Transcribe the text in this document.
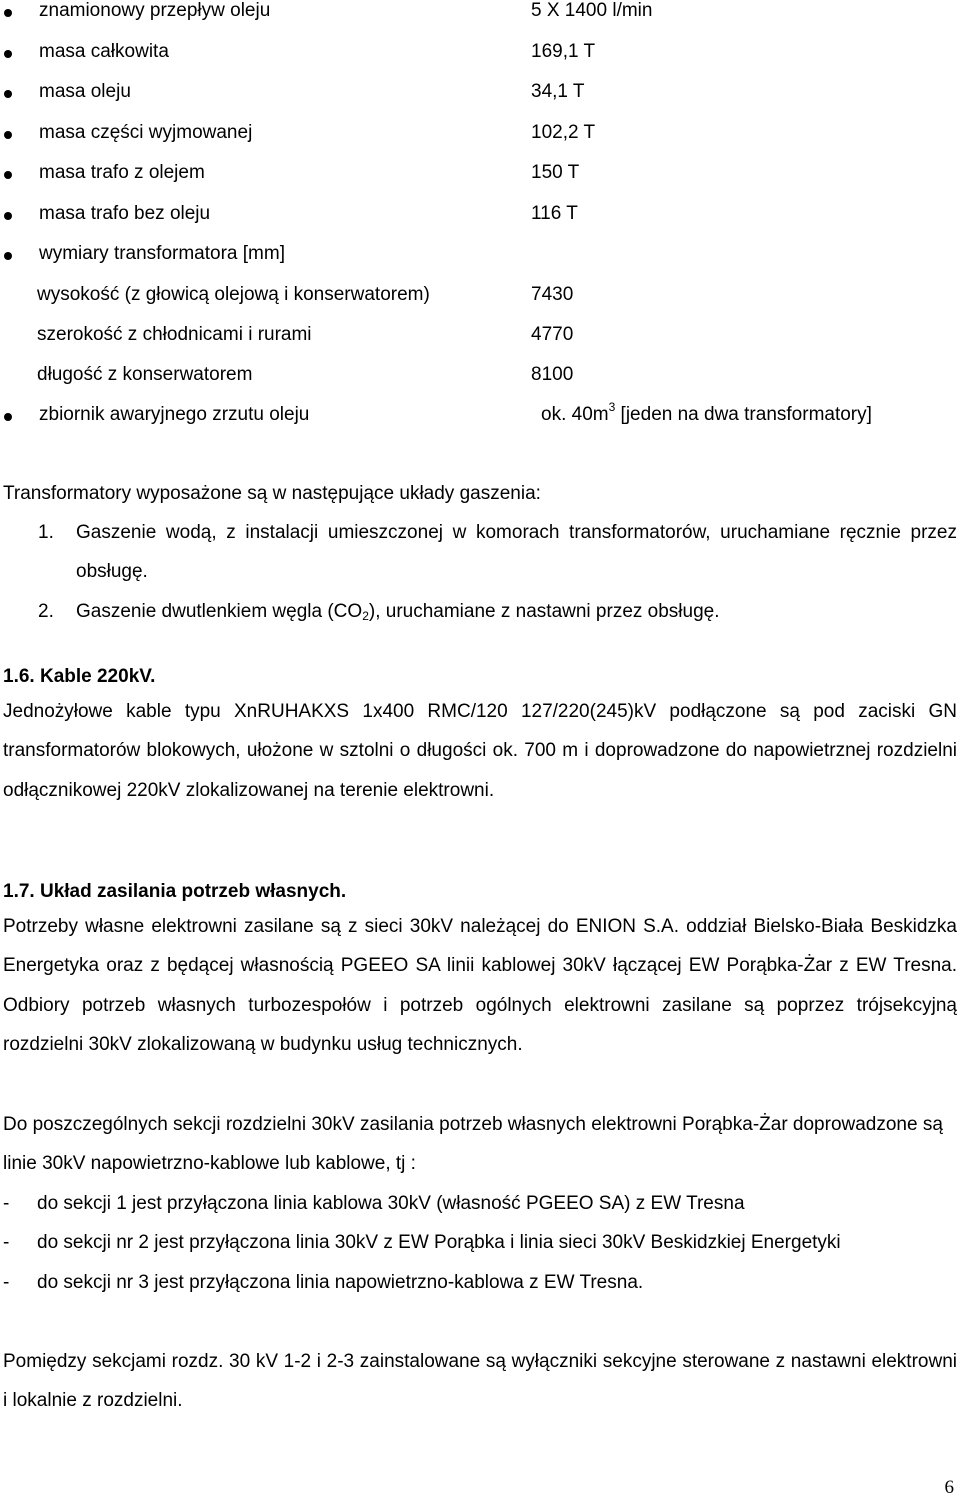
znamionowy przepływ oleju	5 X 1400 l/min
masa całkowita	169,1 T
masa oleju	34,1 T
masa części wyjmowanej	102,2 T
masa trafo z olejem	150 T
masa trafo bez oleju	116 T
wymiary transformatora [mm]
wysokość (z głowicą olejową i konserwatorem)	7430
szerokość z chłodnicami i rurami	4770
długość z konserwatorem	8100
zbiornik awaryjnego zrzutu oleju	ok. $40m^3$ [jeden na dwa transformatory]
Transformatory wyposażone są w następujące układy gaszenia:
1. Gaszenie wodą, z instalacji umieszczonej w komorach transformatorów, uruchamiane ręcznie przez obsługę.
2. Gaszenie dwutlenkiem węgla $(CO_2)$, uruchamiane z nastawni przez obsługę.
1.6. Kable 220kV.
Jednożyłowe kable typu XnRUHAKXS 1x400 RMC/120 127/220(245)kV podłączone są pod zaciski GN transformatorów blokowych, ułożone w sztolni o długości ok. 700 m i doprowadzone do napowietrznej rozdzielni odłącznikowej 220kV zlokalizowanej na terenie elektrowni.
1.7. Układ zasilania potrzeb własnych.
Potrzeby własne elektrowni zasilane są z sieci 30kV należącej do ENION S.A. oddział Bielsko-Biała Beskidzka Energetyka oraz z będącej własnością PGEEO SA linii kablowej 30kV łączącej EW Porąbka-Żar z EW Tresna. Odbiory potrzeb własnych turbozespołów i potrzeb ogólnych elektrowni zasilane są poprzez trójsekcyjną rozdzielni 30kV zlokalizowaną w budynku usług technicznych.
Do poszczególnych sekcji rozdzielni 30kV zasilania potrzeb własnych elektrowni Porąbka-Żar doprowadzone są linie 30kV napowietrzno-kablowe lub kablowe, tj :
- do sekcji 1 jest przyłączona linia kablowa 30kV (własność PGEEO SA) z EW Tresna
- do sekcji nr 2 jest przyłączona linia 30kV z EW Porąbka i linia sieci 30kV Beskidzkiej Energetyki
- do sekcji nr 3 jest przyłączona linia napowietrzno-kablowa z EW Tresna.
Pomiędzy sekcjami rozdz. 30 kV 1-2 i 2-3 zainstalowane są wyłączniki sekcyjne sterowane z nastawni elektrowni i lokalnie z rozdzielni.
6
